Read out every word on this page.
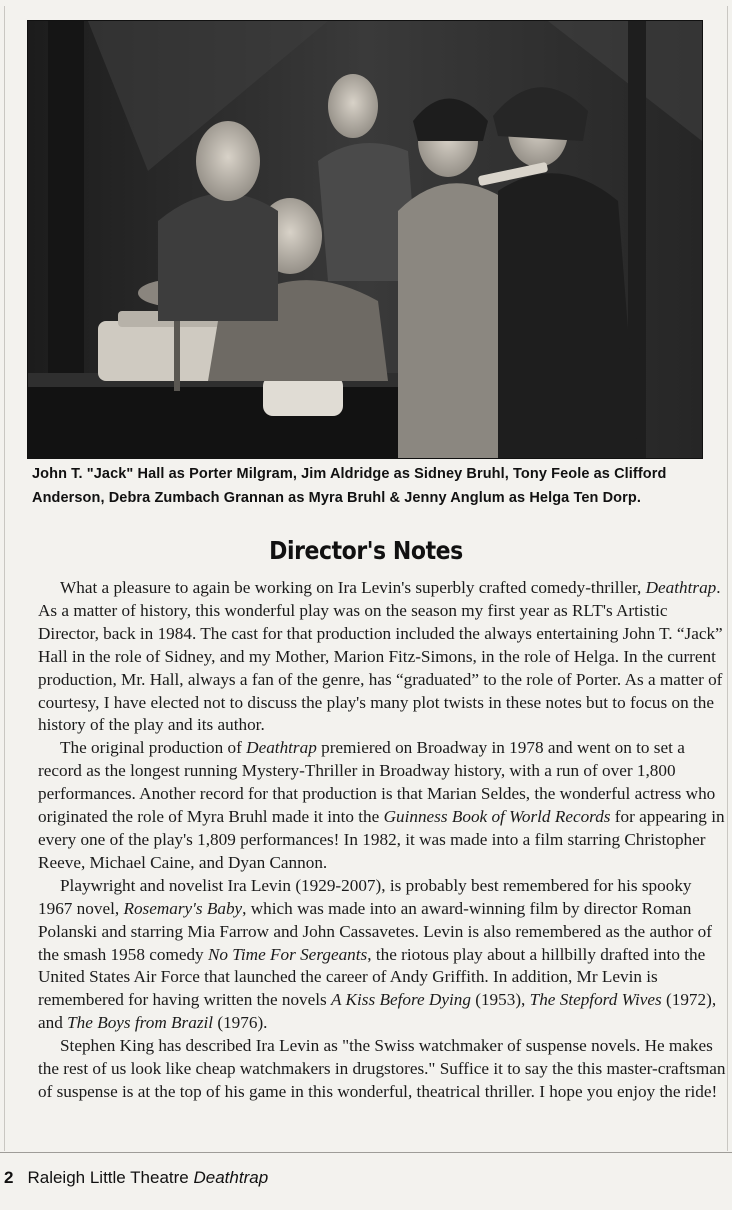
John T. "Jack" Hall as Porter Milgram, Jim Aldridge as Sidney Bruhl, Tony Feole as Clifford Anderson, Debra Zumbach Grannan as Myra Bruhl & Jenny Anglum as Helga Ten Dorp.
Director's Notes

What a pleasure to again be working on Ira Levin's superbly crafted comedy-thriller, Deathtrap. As a matter of history, this wonderful play was on the season my first year as RLT's Artistic Director, back in 1984. The cast for that production included the always entertaining John T. “Jack” Hall in the role of Sidney, and my Mother, Marion Fitz-Simons, in the role of Helga. In the current production, Mr. Hall, always a fan of the genre, has “graduated” to the role of Porter. As a matter of courtesy, I have elected not to discuss the play's many plot twists in these notes but to focus on the history of the play and its author.

The original production of Deathtrap premiered on Broadway in 1978 and went on to set a record as the longest running Mystery-Thriller in Broadway history, with a run of over 1,800 performances. Another record for that production is that Marian Seldes, the wonderful actress who originated the role of Myra Bruhl made it into the Guinness Book of World Records for appearing in every one of the play's 1,809 performances! In 1982, it was made into a film starring Christopher Reeve, Michael Caine, and Dyan Cannon.

Playwright and novelist Ira Levin (1929-2007), is probably best remembered for his spooky 1967 novel, Rosemary's Baby, which was made into an award-winning film by director Roman Polanski and starring Mia Farrow and John Cassavetes. Levin is also remembered as the author of the smash 1958 comedy No Time For Sergeants, the riotous play about a hillbilly drafted into the United States Air Force that launched the career of Andy Griffith. In addition, Mr Levin is remembered for having written the novels A Kiss Before Dying (1953), The Stepford Wives (1972), and The Boys from Brazil (1976).

Stephen King has described Ira Levin as "the Swiss watchmaker of suspense novels. He makes the rest of us look like cheap watchmakers in drugstores." Suffice it to say the this master-craftsman of suspense is at the top of his game in this wonderful, theatrical thriller. I hope you enjoy the ride!

2 Raleigh Little Theatre Deathtrap
